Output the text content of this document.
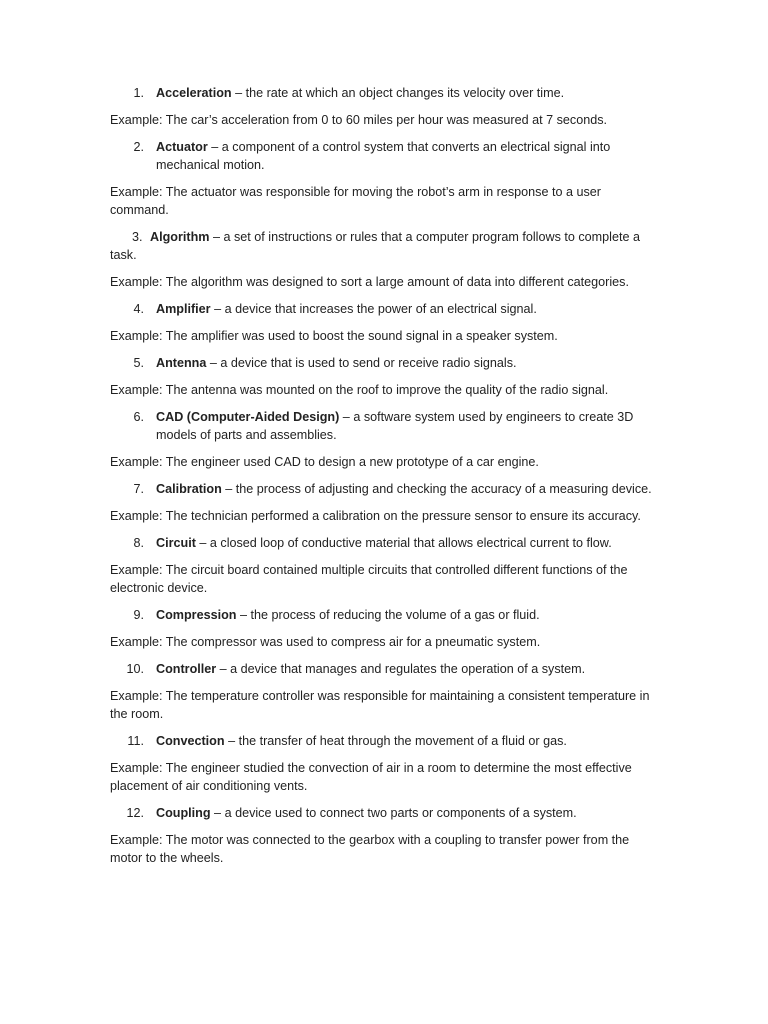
1. Acceleration – the rate at which an object changes its velocity over time.
Example: The car’s acceleration from 0 to 60 miles per hour was measured at 7 seconds.
2. Actuator – a component of a control system that converts an electrical signal into mechanical motion.
Example: The actuator was responsible for moving the robot’s arm in response to a user command.
3. Algorithm – a set of instructions or rules that a computer program follows to complete a task.
Example: The algorithm was designed to sort a large amount of data into different categories.
4. Amplifier – a device that increases the power of an electrical signal.
Example: The amplifier was used to boost the sound signal in a speaker system.
5. Antenna – a device that is used to send or receive radio signals.
Example: The antenna was mounted on the roof to improve the quality of the radio signal.
6. CAD (Computer-Aided Design) – a software system used by engineers to create 3D models of parts and assemblies.
Example: The engineer used CAD to design a new prototype of a car engine.
7. Calibration – the process of adjusting and checking the accuracy of a measuring device.
Example: The technician performed a calibration on the pressure sensor to ensure its accuracy.
8. Circuit – a closed loop of conductive material that allows electrical current to flow.
Example: The circuit board contained multiple circuits that controlled different functions of the electronic device.
9. Compression – the process of reducing the volume of a gas or fluid.
Example: The compressor was used to compress air for a pneumatic system.
10. Controller – a device that manages and regulates the operation of a system.
Example: The temperature controller was responsible for maintaining a consistent temperature in the room.
11. Convection – the transfer of heat through the movement of a fluid or gas.
Example: The engineer studied the convection of air in a room to determine the most effective placement of air conditioning vents.
12. Coupling – a device used to connect two parts or components of a system.
Example: The motor was connected to the gearbox with a coupling to transfer power from the motor to the wheels.
